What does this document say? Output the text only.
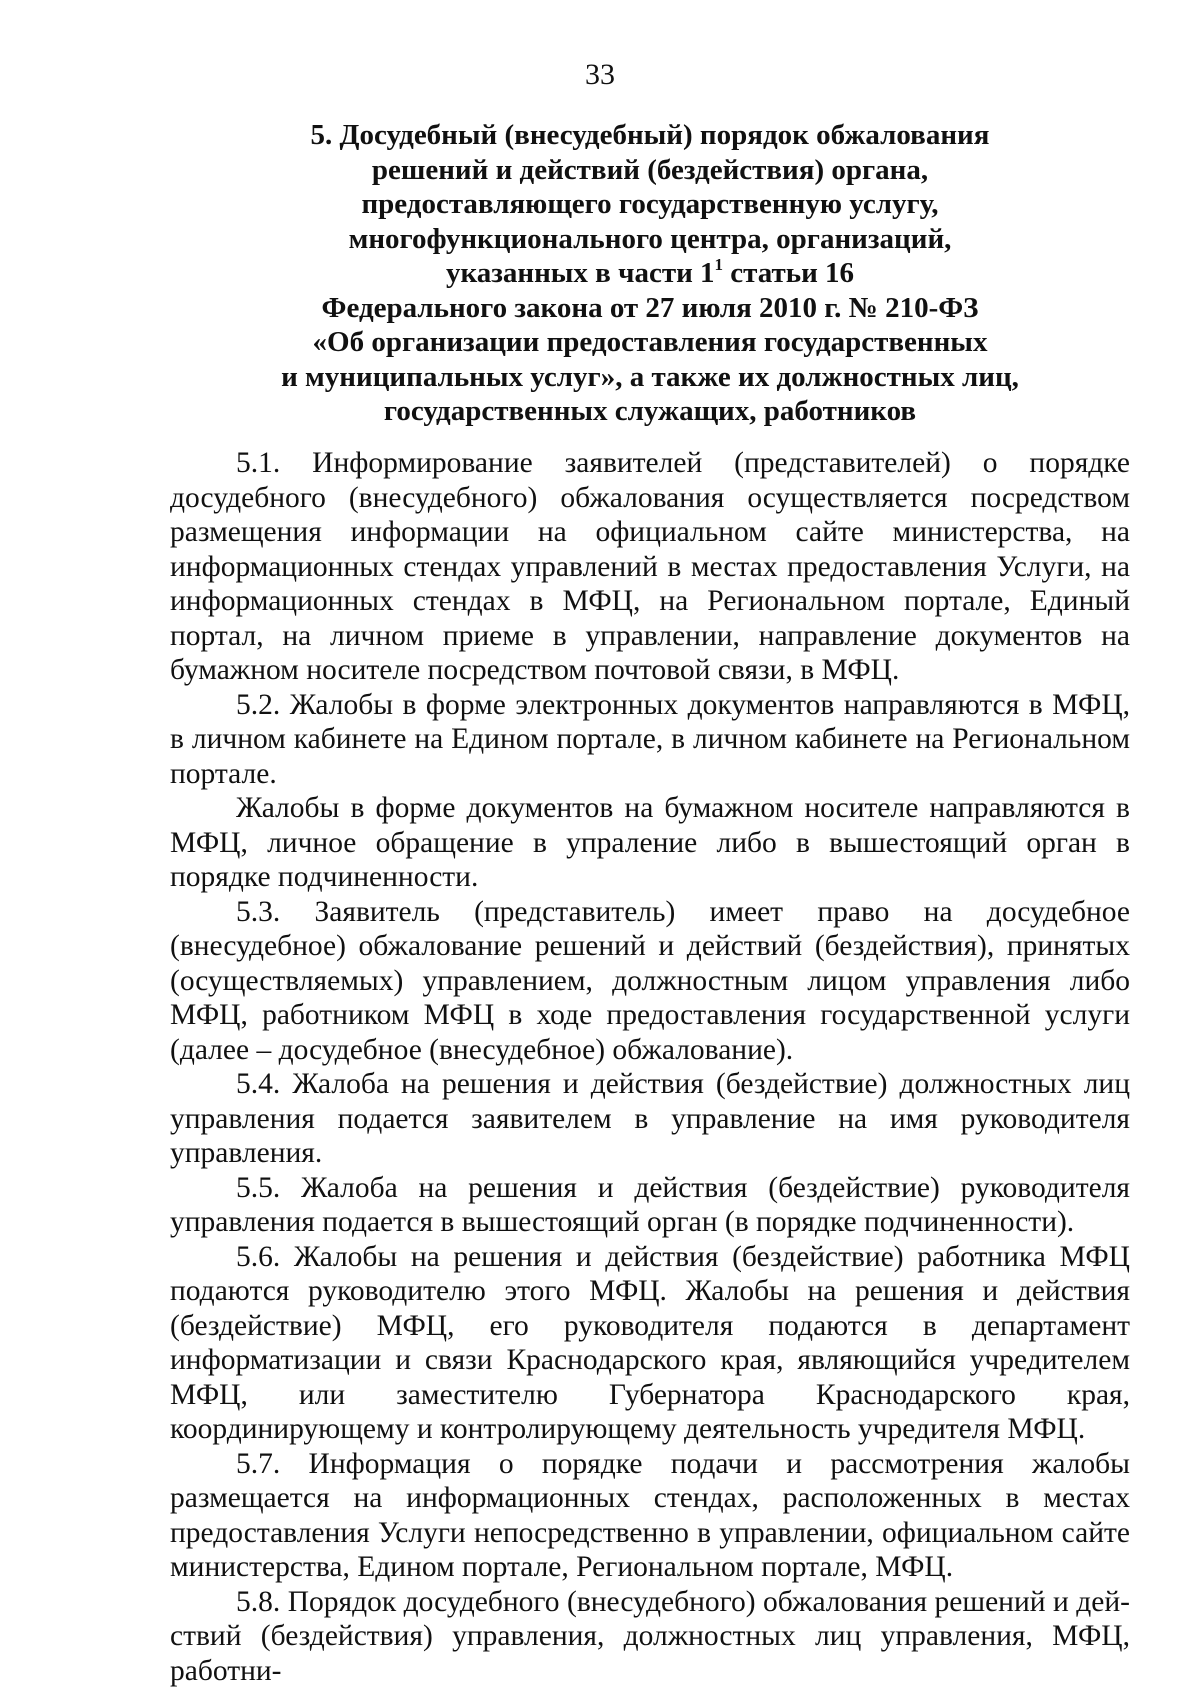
33
5. Досудебный (внесудебный) порядок обжалования
решений и действий (бездействия) органа,
предоставляющего государственную услугу,
многофункционального центра, организаций,
указанных в части $1^1$ статьи 16
Федерального закона от 27 июля 2010 г. № 210-ФЗ
«Об организации предоставления государственных
и муниципальных услуг», а также их должностных лиц,
государственных служащих, работников

5.1. Информирование заявителей (представителей) о порядке досудебного (внесудебного) обжалования осуществляется посредством размещения информации на официальном сайте министерства, на информационных стендах управлений в местах предоставления Услуги, на информационных стендах в МФЦ, на Региональном портале, Единый портал, на личном приеме в управлении, направление документов на бумажном носителе посредством почтовой связи, в МФЦ.

5.2. Жалобы в форме электронных документов направляются в МФЦ, в личном кабинете на Едином портале, в личном кабинете на Региональном портале.

Жалобы в форме документов на бумажном носителе направляются в МФЦ, личное обращение в упраление либо в вышестоящий орган в порядке подчиненности.

5.3. Заявитель (представитель) имеет право на досудебное (внесудебное) обжалование решений и действий (бездействия), принятых (осуществляемых) управлением, должностным лицом управления либо МФЦ, работником МФЦ в ходе предоставления государственной услуги (далее – досудебное (внесудебное) обжалование).

5.4. Жалоба на решения и действия (бездействие) должностных лиц управления подается заявителем в управление на имя руководителя управления.

5.5. Жалоба на решения и действия (бездействие) руководителя управления подается в вышестоящий орган (в порядке подчиненности).

5.6. Жалобы на решения и действия (бездействие) работника МФЦ подаются руководителю этого МФЦ. Жалобы на решения и действия (бездействие) МФЦ, его руководителя подаются в департамент информатизации и связи Краснодарского края, являющийся учредителем МФЦ, или заместителю Губернатора Краснодарского края, координирующему и контролирующему деятельность учредителя МФЦ.

5.7. Информация о порядке подачи и рассмотрения жалобы размещается на информационных стендах, расположенных в местах предоставления Услуги непосредственно в управлении, официальном сайте министерства, Едином портале, Региональном портале, МФЦ.

5.8. Порядок досудебного (внесудебного) обжалования решений и действий (бездействия) управления, должностных лиц управления, МФЦ, работни-
